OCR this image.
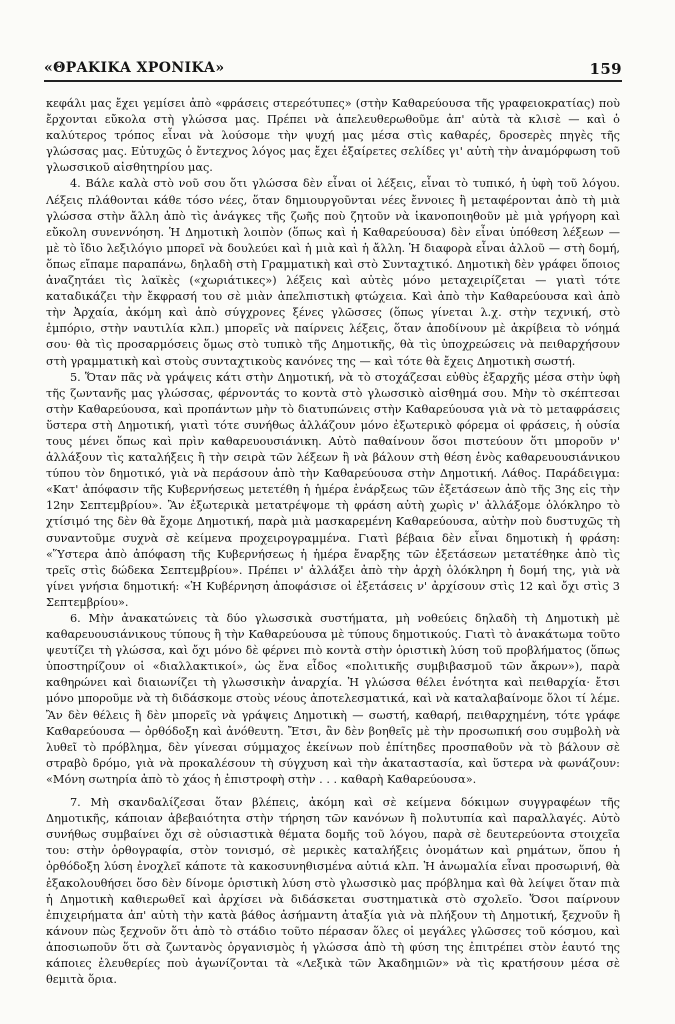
«ΘΡΑΚΙΚΑ ΧΡΟΝΙΚΑ»	159

κεφάλι μας ἔχει γεμίσει ἀπὸ «φράσεις στερεότυπες» (στὴν Καθαρεύουσα τῆς γραφειοκρατίας) ποὺ ἔρχονται εὔκολα στὴ γλώσσα μας. Πρέπει νὰ ἀπελευθερωθοῦμε ἀπ' αὐτὰ τὰ κλισὲ — καὶ ὁ καλύτερος τρόπος εἶναι νὰ λούσομε τὴν ψυχή μας μέσα στὶς καθαρές, δροσερὲς πηγὲς τῆς γλώσσας μας. Εὐτυχῶς ὁ ἔντεχνος λόγος μας ἔχει ἐξαίρετες σελίδες γι' αὐτὴ τὴν ἀναμόρφωση τοῦ γλωσσικοῦ αἰσθητηρίου μας.

4. Βάλε καλὰ στὸ νοῦ σου ὅτι γλώσσα δὲν εἶναι οἱ λέξεις, εἶναι τὸ τυπικό, ἡ ὑφὴ τοῦ λόγου. Λέξεις πλάθονται κάθε τόσο νέες, ὅταν δημιουργοῦνται νέες ἔννοιες ἢ μεταφέρονται ἀπὸ τὴ μιὰ γλώσσα στὴν ἄλλη ἀπὸ τὶς ἀνάγκες τῆς ζωῆς ποὺ ζητοῦν νὰ ἱκανοποιηθοῦν μὲ μιὰ γρήγορη καὶ εὔκολη συνεννόηση. Ἡ Δημοτικὴ λοιπὸν (ὅπως καὶ ἡ Καθαρεύουσα) δὲν εἶναι ὑπόθεση λέξεων — μὲ τὸ ἴδιο λεξιλόγιο μπορεῖ νὰ δουλεύει καὶ ἡ μιὰ καὶ ἡ ἄλλη. Ἡ διαφορὰ εἶναι ἀλλοῦ — στὴ δομή, ὅπως εἴπαμε παραπάνω, δηλαδὴ στὴ Γραμματικὴ καὶ στὸ Συνταχτικό. Δημοτικὴ δὲν γράφει ὅποιος ἀναζητάει τὶς λαϊκὲς («χωριάτικες») λέξεις καὶ αὐτὲς μόνο μεταχειρίζεται — γιατὶ τότε καταδικάζει τὴν ἔκφρασή του σὲ μιὰν ἀπελπιστικὴ φτώχεια. Καὶ ἀπὸ τὴν Καθαρεύουσα καὶ ἀπὸ τὴν Ἀρχαία, ἀκόμη καὶ ἀπὸ σύγχρονες ξένες γλῶσσες (ὅπως γίνεται λ.χ. στὴν τεχνική, στὸ ἐμπόριο, στὴν ναυτιλία κλπ.) μπορεῖς νὰ παίρνεις λέξεις, ὅταν ἀποδίνουν μὲ ἀκρίβεια τὸ νόημά σου· θὰ τὶς προσαρμόσεις ὅμως στὸ τυπικὸ τῆς Δημοτικῆς, θὰ τὶς ὑποχρεώσεις νὰ πειθαρχήσουν στὴ γραμματικὴ καὶ στοὺς συνταχτικοὺς κανόνες της — καὶ τότε θὰ ἔχεις Δημοτικὴ σωστή.

5. Ὅταν πᾶς νὰ γράψεις κάτι στὴν Δημοτική, νὰ τὸ στοχάζεσαι εὐθὺς ἐξαρχῆς μέσα στὴν ὑφὴ τῆς ζωντανῆς μας γλώσσας, φέρνοντάς το κοντὰ στὸ γλωσσικὸ αἰσθημά σου. Μὴν τὸ σκέπτεσαι στὴν Καθαρεύουσα, καὶ προπάντων μὴν τὸ διατυπώνεις στὴν Καθαρεύουσα γιὰ νὰ τὸ μεταφράσεις ὕστερα στὴ Δημοτική, γιατὶ τότε συνήθως ἀλλάζουν μόνο ἐξωτερικὸ φόρεμα οἱ φράσεις, ἡ οὐσία τους μένει ὅπως καὶ πρὶν καθαρευουσιάνικη. Αὐτὸ παθαίνουν ὅσοι πιστεύουν ὅτι μποροῦν ν' ἀλλάξουν τὶς καταλήξεις ἢ τὴν σειρὰ τῶν λέξεων ἢ νὰ βάλουν στὴ θέση ἑνὸς καθαρευουσιάνικου τύπου τὸν δημοτικό, γιὰ νὰ περάσουν ἀπὸ τὴν Καθαρεύουσα στὴν Δημοτική. Λάθος. Παράδειγμα: «Κατ' ἀπόφασιν τῆς Κυβερνήσεως μετετέθη ἡ ἡμέρα ἐνάρξεως τῶν ἐξετάσεων ἀπὸ τῆς 3ης εἰς τὴν 12ην Σεπτεμβρίου». Ἂν ἐξωτερικὰ μετατρέψομε τὴ φράση αὐτὴ χωρὶς ν' ἀλλάξομε ὁλόκληρο τὸ χτίσιμό της δὲν θὰ ἔχομε Δημοτική, παρὰ μιὰ μασκαρεμένη Καθαρεύουσα, αὐτὴν ποὺ δυστυχῶς τὴ συναντοῦμε συχνὰ σὲ κείμενα προχειρογραμμένα. Γιατὶ βέβαια δὲν εἶναι δημοτικὴ ἡ φράση: «Ὕστερα ἀπὸ ἀπόφαση τῆς Κυβερνήσεως ἡ ἡμέρα ἔναρξης τῶν ἐξετάσεων μετατέθηκε ἀπὸ τὶς τρεῖς στὶς δώδεκα Σεπτεμβρίου». Πρέπει ν' ἀλλάξει ἀπὸ τὴν ἀρχὴ ὁλόκληρη ἡ δομή της, γιὰ νὰ γίνει γνήσια δημοτική: «Ἡ Κυβέρνηση ἀποφάσισε οἱ ἐξετάσεις ν' ἀρχίσουν στὶς 12 καὶ ὄχι στὶς 3 Σεπτεμβρίου».

6. Μὴν ἀνακατώνεις τὰ δύο γλωσσικὰ συστήματα, μὴ νοθεύεις δηλαδὴ τὴ Δημοτικὴ μὲ καθαρευουσιάνικους τύπους ἢ τὴν Καθαρεύουσα μὲ τύπους δημοτικούς. Γιατὶ τὸ ἀνακάτωμα τοῦτο ψευτίζει τὴ γλώσσα, καὶ ὄχι μόνο δὲ φέρνει πιὸ κοντὰ στὴν ὁριστικὴ λύση τοῦ προβλήματος (ὅπως ὑποστηρίζουν οἱ «διαλλακτικοί», ὡς ἕνα εἶδος «πολιτικῆς συμβιβασμοῦ τῶν ἄκρων»), παρὰ καθηρώνει καὶ διαιωνίζει τὴ γλωσσικὴν ἀναρχία. Ἡ γλώσσα θέλει ἑνότητα καὶ πειθαρχία· ἔτσι μόνο μποροῦμε νὰ τὴ διδάσκομε στοὺς νέους ἀποτελεσματικά, καὶ νὰ καταλαβαίνομε ὅλοι τί λέμε. Ἂν δὲν θέλεις ἢ δὲν μπορεῖς νὰ γράψεις Δημοτικὴ — σωστή, καθαρή, πειθαρχημένη, τότε γράφε Καθαρεύουσα — ὀρθόδοξη καὶ ἀνόθευτη. Ἔτσι, ἂν δὲν βοηθεῖς μὲ τὴν προσωπική σου συμβολὴ νὰ λυθεῖ τὸ πρόβλημα, δὲν γίνεσαι σύμμαχος ἐκείνων ποὺ ἐπίτηδες προσπαθοῦν νὰ τὸ βάλουν σὲ στραβὸ δρόμο, γιὰ νὰ προκαλέσουν τὴ σύγχυση καὶ τὴν ἀκαταστασία, καὶ ὕστερα νὰ φωνάζουν: «Μόνη σωτηρία ἀπὸ τὸ χάος ἡ ἐπιστροφὴ στὴν . . . καθαρὴ Καθαρεύουσα».

7. Μὴ σκανδαλίζεσαι ὅταν βλέπεις, ἀκόμη καὶ σὲ κείμενα δόκιμων συγγραφέων τῆς Δημοτικῆς, κάποιαν ἀβεβαιότητα στὴν τήρηση τῶν κανόνων ἢ πολυτυπία καὶ παραλλαγές. Αὐτὸ συνήθως συμβαίνει ὄχι σὲ οὐσιαστικὰ θέματα δομῆς τοῦ λόγου, παρὰ σὲ δευτερεύοντα στοιχεῖα του: στὴν ὀρθογραφία, στὸν τονισμό, σὲ μερικὲς καταλήξεις ὀνομάτων καὶ ρημάτων, ὅπου ἡ ὀρθόδοξη λύση ἐνοχλεῖ κάποτε τὰ κακοσυνηθισμένα αὐτιά κλπ. Ἡ ἀνωμαλία εἶναι προσωρινή, θὰ ἐξακολουθήσει ὅσο δὲν δίνομε ὁριστικὴ λύση στὸ γλωσσικὸ μας πρόβλημα καὶ θὰ λείψει ὅταν πιὰ ἡ Δημοτικὴ καθιερωθεῖ καὶ ἀρχίσει νὰ διδάσκεται συστηματικὰ στὸ σχολεῖο. Ὅσοι παίρνουν ἐπιχειρήματα ἀπ' αὐτὴ τὴν κατὰ βάθος ἀσήμαντη ἀταξία γιὰ νὰ πλήξουν τὴ Δημοτική, ξεχνοῦν ἢ κάνουν πὼς ξεχνοῦν ὅτι ἀπὸ τὸ στάδιο τοῦτο πέρασαν ὅλες οἱ μεγάλες γλῶσσες τοῦ κόσμου, καὶ ἀποσιωποῦν ὅτι σὰ ζωντανὸς ὀργανισμὸς ἡ γλώσσα ἀπὸ τὴ φύση της ἐπιτρέπει στὸν ἑαυτό της κάποιες ἐλευθερίες ποὺ ἀγωνίζονται τὰ «Λεξικὰ τῶν Ἀκαδημιῶν» νὰ τὶς κρατήσουν μέσα σὲ θεμιτὰ ὅρια.
